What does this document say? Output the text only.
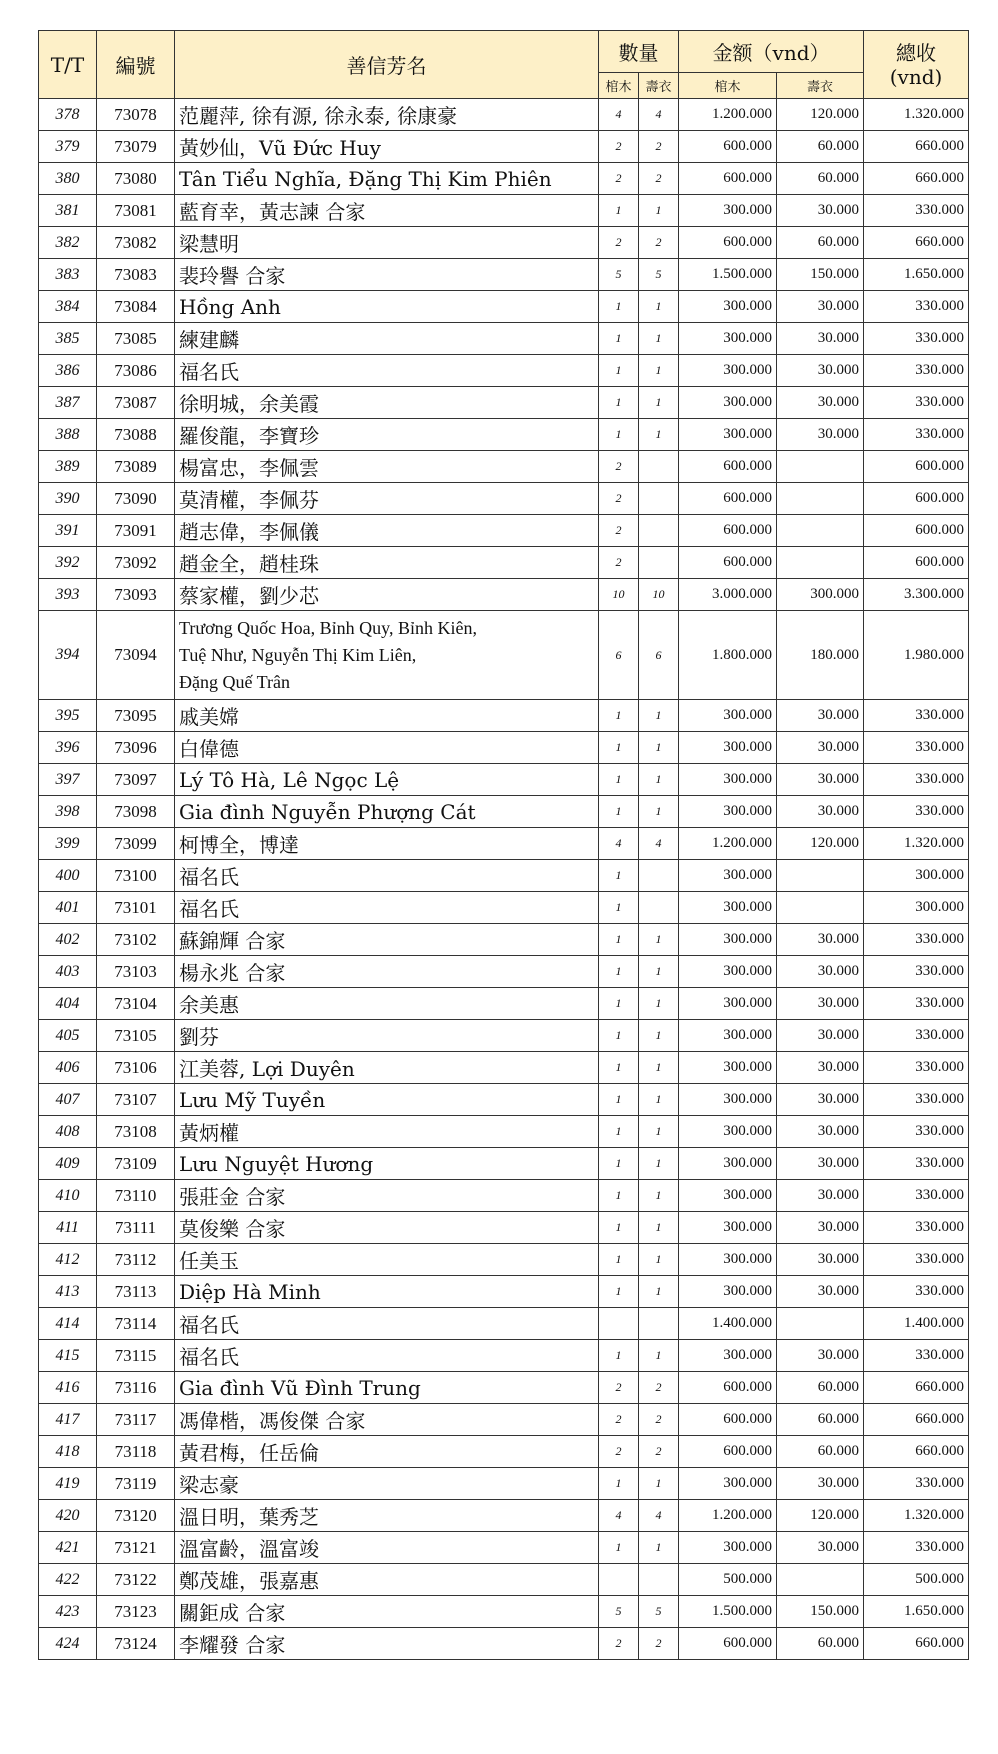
T/T	編號	善信芳名	數量		金额（vnd）		總收
(vnd)

			棺木	壽衣	棺木	壽衣	
378	73078	范麗萍, 徐有源, 徐永泰, 徐康豪	4	4	1.200.000	120.000	1.320.000
379	73079	黃妙仙，Vũ Đức Huy	2	2	600.000	60.000	660.000
380	73080	Tân Tiểu Nghĩa, Đặng Thị Kim Phiên	2	2	600.000	60.000	660.000
381	73081	藍育幸，黃志諫 合家	1	1	300.000	30.000	330.000
382	73082	梁慧明	2	2	600.000	60.000	660.000
383	73083	裴玲譽 合家	5	5	1.500.000	150.000	1.650.000
384	73084	Hồng Anh	1	1	300.000	30.000	330.000
385	73085	練建麟	1	1	300.000	30.000	330.000
386	73086	福名氏	1	1	300.000	30.000	330.000
387	73087	徐明城，余美霞	1	1	300.000	30.000	330.000
388	73088	羅俊龍，李寶珍	1	1	300.000	30.000	330.000
389	73089	楊富忠，李佩雲	2		600.000		600.000
390	73090	莫清權，李佩芬	2		600.000		600.000
391	73091	趙志偉，李佩儀	2		600.000		600.000
392	73092	趙金全，趙桂珠	2		600.000		600.000
393	73093	蔡家權，劉少芯	10	10	3.000.000	300.000	3.300.000
394	73094	Trương Quốc Hoa, Bỉnh Quy, Bỉnh Kiên,
Tuệ Như, Nguyễn Thị Kim Liên,
Đặng Quế Trân	6	6	1.800.000	180.000	1.980.000
395	73095	戚美嫦	1	1	300.000	30.000	330.000
396	73096	白偉德	1	1	300.000	30.000	330.000
397	73097	Lý Tô Hà, Lê Ngọc Lệ	1	1	300.000	30.000	330.000
398	73098	Gia đình Nguyễn Phượng Cát	1	1	300.000	30.000	330.000
399	73099	柯博全，博達	4	4	1.200.000	120.000	1.320.000
400	73100	福名氏	1		300.000		300.000
401	73101	福名氏	1		300.000		300.000
402	73102	蘇錦輝 合家	1	1	300.000	30.000	330.000
403	73103	楊永兆 合家	1	1	300.000	30.000	330.000
404	73104	余美惠	1	1	300.000	30.000	330.000
405	73105	劉芬	1	1	300.000	30.000	330.000
406	73106	江美蓉, Lợi Duyên	1	1	300.000	30.000	330.000
407	73107	Lưu Mỹ Tuyền	1	1	300.000	30.000	330.000
408	73108	黃炳權	1	1	300.000	30.000	330.000
409	73109	Lưu Nguyệt Hương	1	1	300.000	30.000	330.000
410	73110	張莊金 合家	1	1	300.000	30.000	330.000
411	73111	莫俊樂 合家	1	1	300.000	30.000	330.000
412	73112	任美玉	1	1	300.000	30.000	330.000
413	73113	Diệp Hà Minh	1	1	300.000	30.000	330.000
414	73114	福名氏			1.400.000		1.400.000
415	73115	福名氏	1	1	300.000	30.000	330.000
416	73116	Gia đình Vũ Đình Trung	2	2	600.000	60.000	660.000
417	73117	馮偉楷，馮俊傑 合家	2	2	600.000	60.000	660.000
418	73118	黃君梅，任岳倫	2	2	600.000	60.000	660.000
419	73119	梁志豪	1	1	300.000	30.000	330.000
420	73120	溫日明，葉秀芝	4	4	1.200.000	120.000	1.320.000
421	73121	溫富齡，溫富竣	1	1	300.000	30.000	330.000
422	73122	鄭茂雄，張嘉惠			500.000		500.000
423	73123	關鉅成 合家	5	5	1.500.000	150.000	1.650.000
424	73124	李耀發 合家	2	2	600.000	60.000	660.000
